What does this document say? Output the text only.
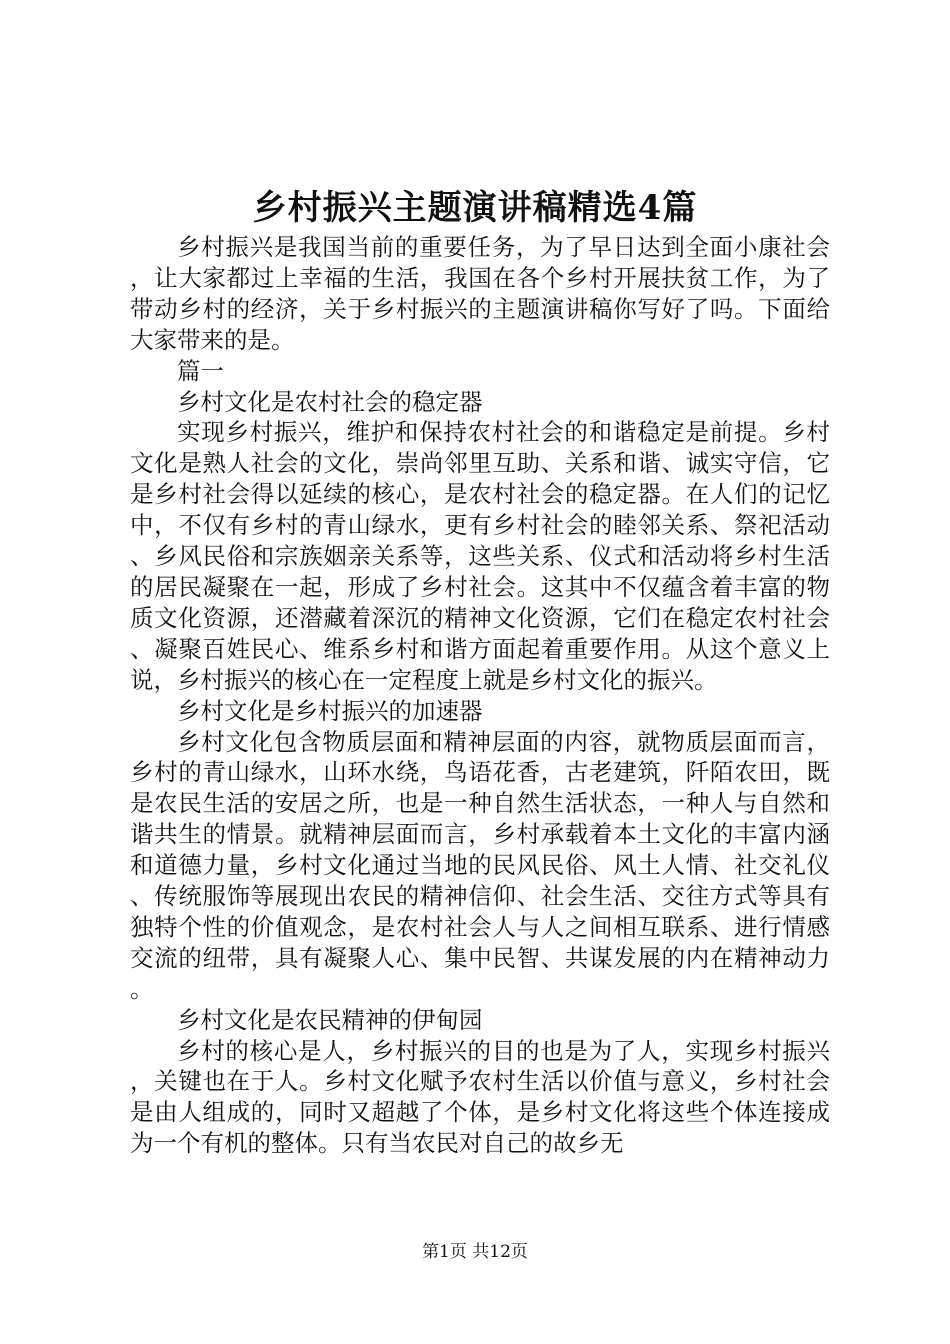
乡村振兴主题演讲稿精选4篇

乡村振兴是我国当前的重要任务，为了早日达到全面小康社会，让大家都过上幸福的生活，我国在各个乡村开展扶贫工作，为了带动乡村的经济，关于乡村振兴的主题演讲稿你写好了吗。下面给大家带来的是。

篇一

乡村文化是农村社会的稳定器

实现乡村振兴，维护和保持农村社会的和谐稳定是前提。乡村文化是熟人社会的文化，崇尚邻里互助、关系和谐、诚实守信，它是乡村社会得以延续的核心，是农村社会的稳定器。在人们的记忆中，不仅有乡村的青山绿水，更有乡村社会的睦邻关系、祭祀活动、乡风民俗和宗族姻亲关系等，这些关系、仪式和活动将乡村生活的居民凝聚在一起，形成了乡村社会。这其中不仅蕴含着丰富的物质文化资源，还潜藏着深沉的精神文化资源，它们在稳定农村社会、凝聚百姓民心、维系乡村和谐方面起着重要作用。从这个意义上说，乡村振兴的核心在一定程度上就是乡村文化的振兴。

乡村文化是乡村振兴的加速器

乡村文化包含物质层面和精神层面的内容，就物质层面而言，乡村的青山绿水，山环水绕，鸟语花香，古老建筑，阡陌农田，既是农民生活的安居之所，也是一种自然生活状态，一种人与自然和谐共生的情景。就精神层面而言，乡村承载着本土文化的丰富内涵和道德力量，乡村文化通过当地的民风民俗、风土人情、社交礼仪、传统服饰等展现出农民的精神信仰、社会生活、交往方式等具有独特个性的价值观念，是农村社会人与人之间相互联系、进行情感交流的纽带，具有凝聚人心、集中民智、共谋发展的内在精神动力。

乡村文化是农民精神的伊甸园

乡村的核心是人，乡村振兴的目的也是为了人，实现乡村振兴，关键也在于人。乡村文化赋予农村生活以价值与意义，乡村社会是由人组成的，同时又超越了个体，是乡村文化将这些个体连接成为一个有机的整体。只有当农民对自己的故乡无

第1页 共12页
